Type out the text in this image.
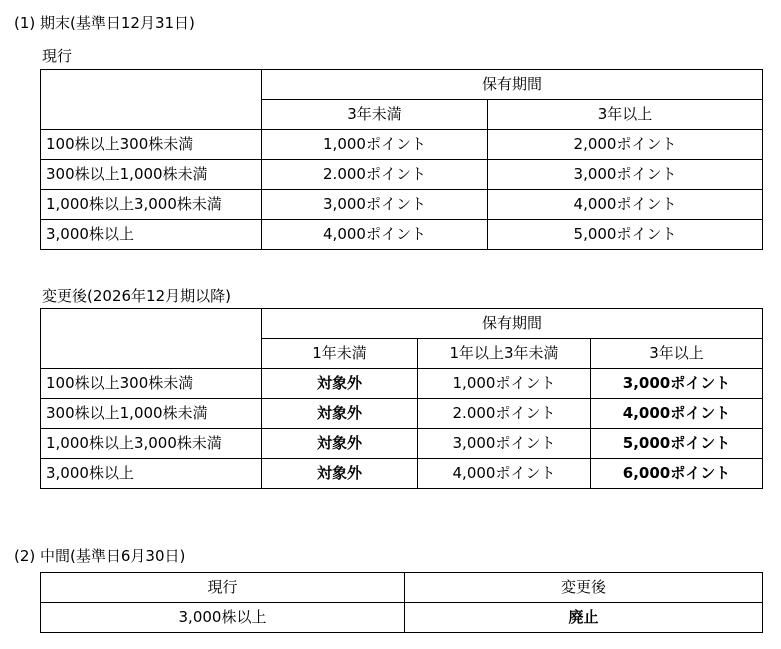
(1) 期末(基準日12月31日)
現行
	保有期間	
	3年未満	3年以上
100株以上300株未満	1,000ポイント	2,000ポイント
300株以上1,000株未満	2.000ポイント	3,000ポイント
1,000株以上3,000株未満	3,000ポイント	4,000ポイント
3,000株以上	4,000ポイント	5,000ポイント
変更後(2026年12月期以降)
	保有期間		
	1年未満	1年以上3年未満	3年以上
100株以上300株未満	対象外	1,000ポイント	3,000ポイント
300株以上1,000株未満	対象外	2.000ポイント	4,000ポイント
1,000株以上3,000株未満	対象外	3,000ポイント	5,000ポイント
3,000株以上	対象外	4,000ポイント	6,000ポイント
(2) 中間(基準日6月30日)
現行	変更後
3,000株以上	廃止
